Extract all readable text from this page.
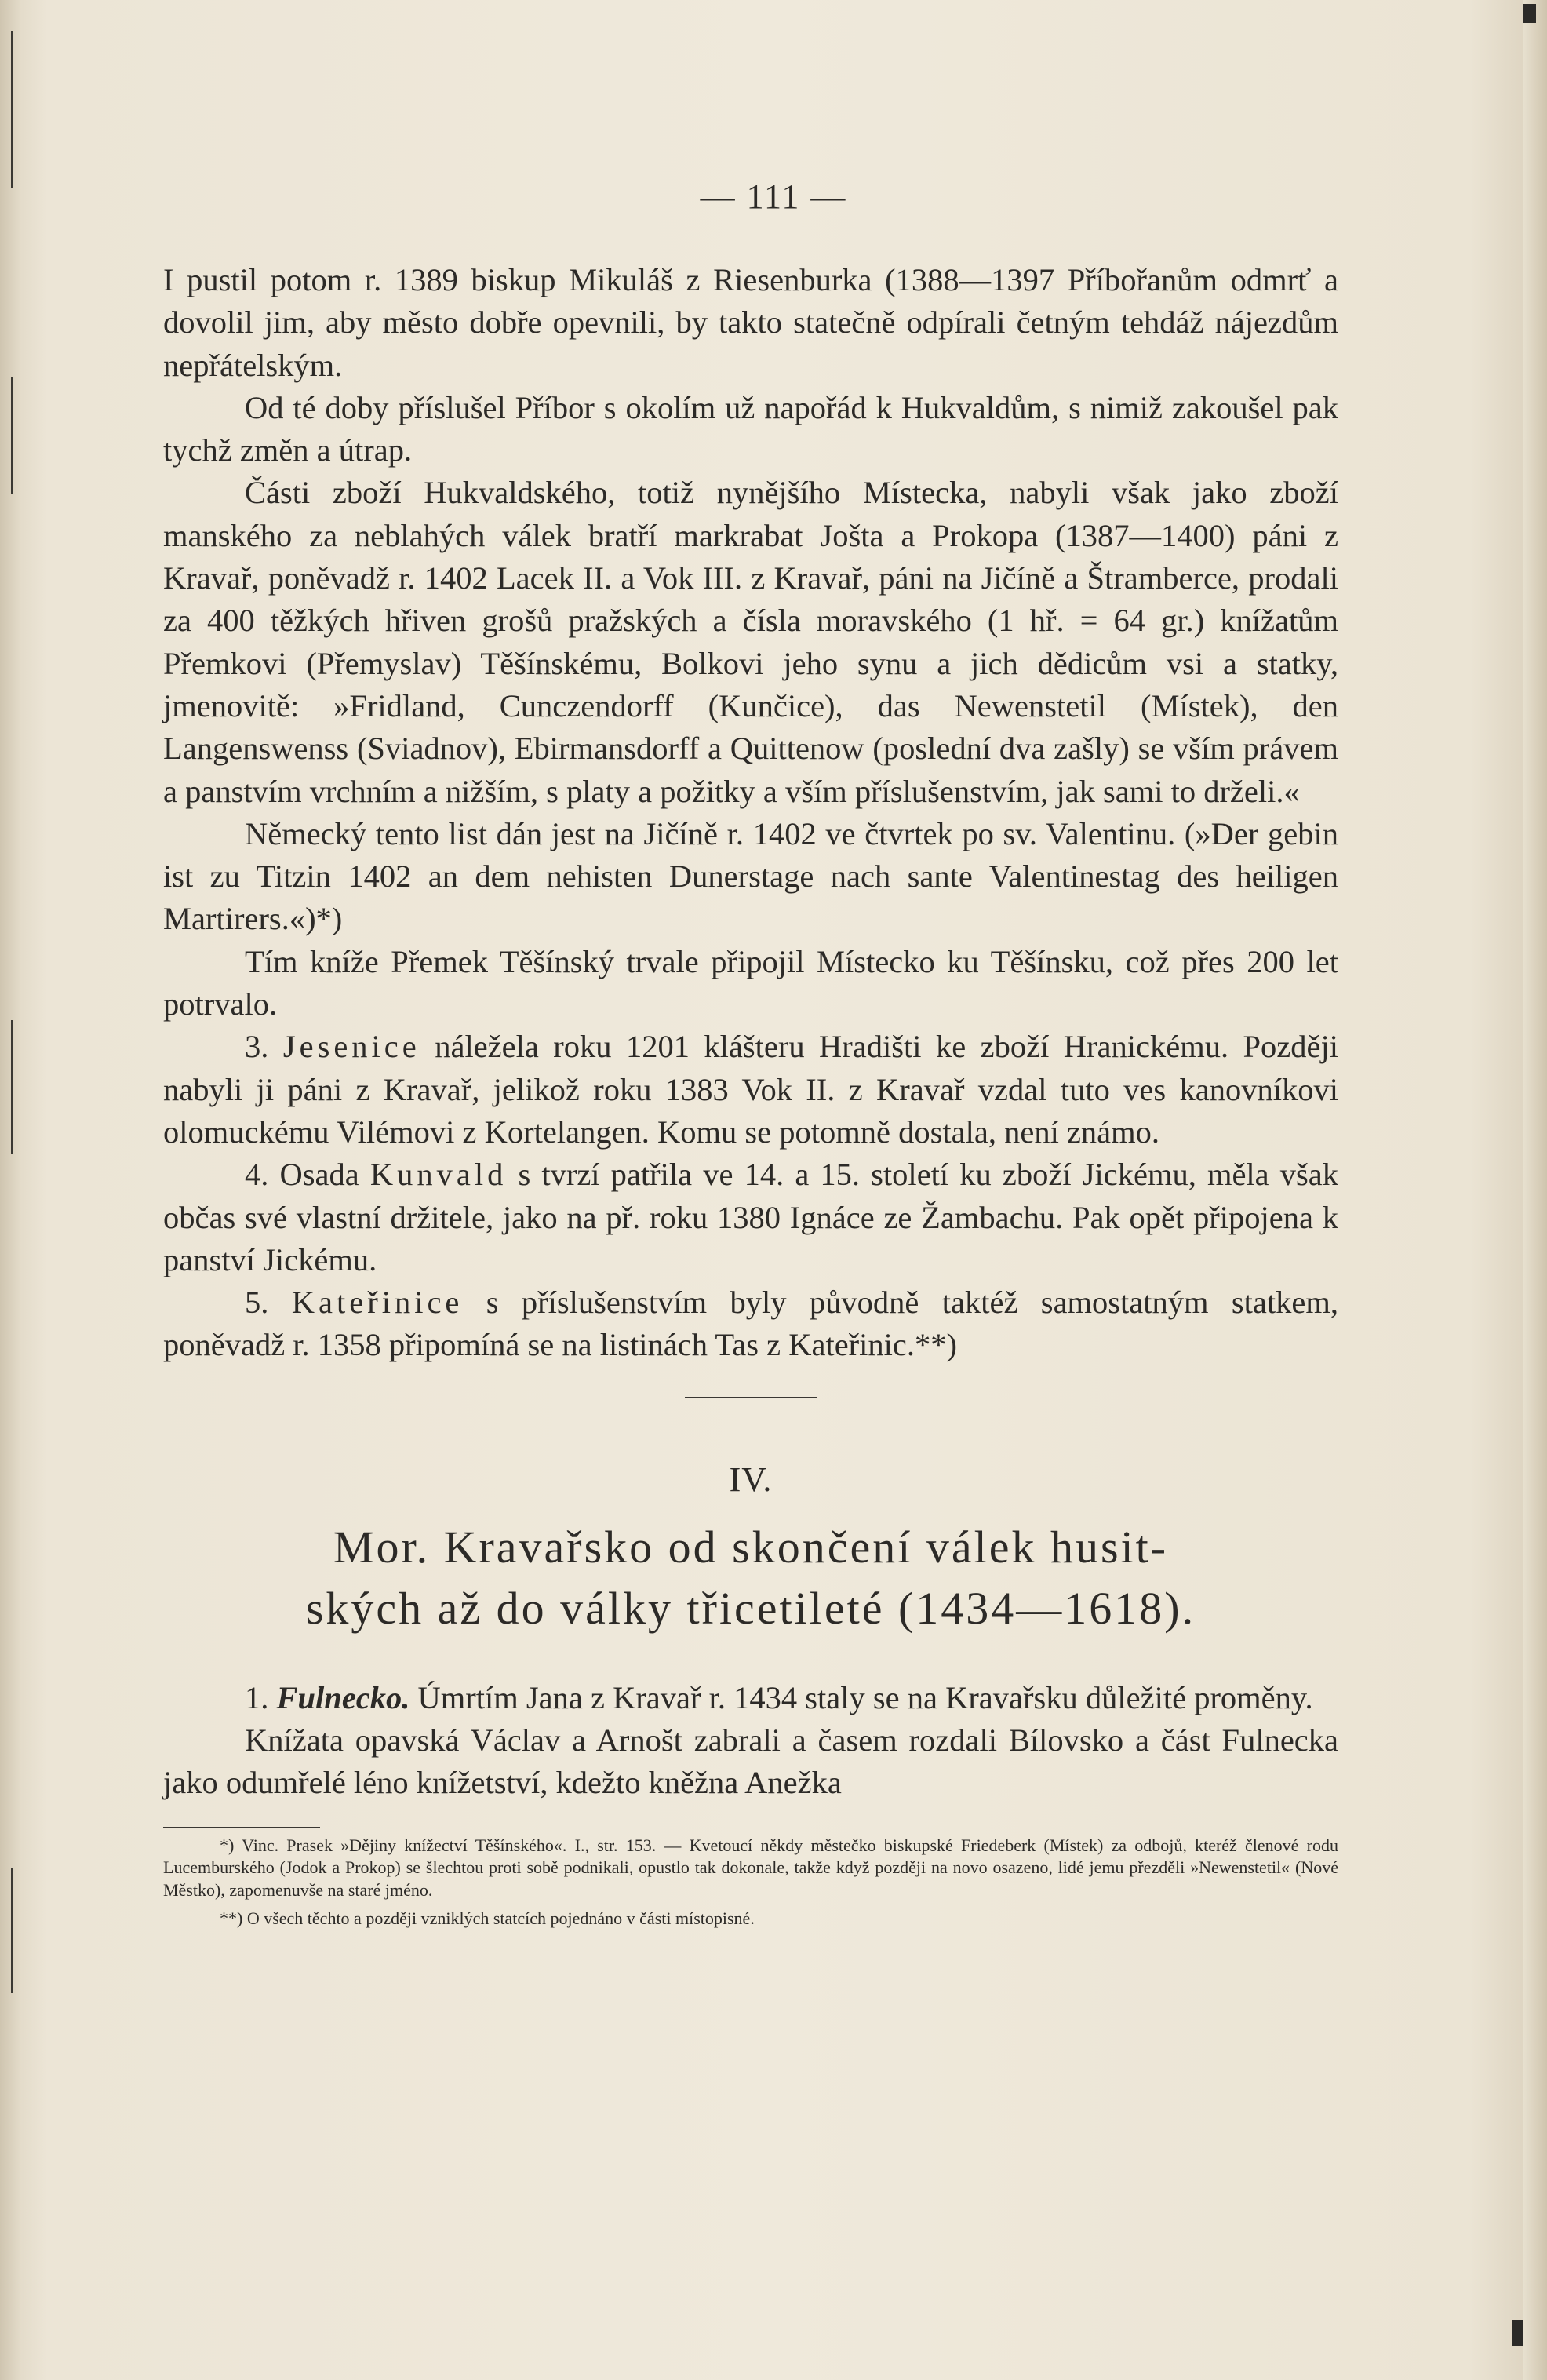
— 111 —

I pustil potom r. 1389 biskup Mikuláš z Riesenburka (1388—1397 Příbořanům odmrť a dovolil jim, aby město dobře opevnili, by takto statečně odpírali četným tehdáž nájezdům nepřátelským.

Od té doby příslušel Příbor s okolím už napořád k Hukvaldům, s nimiž zakoušel pak tychž změn a útrap.

Části zboží Hukvaldského, totiž nynějšího Místecka, nabyli však jako zboží manského za neblahých válek bratří markrabat Jošta a Prokopa (1387—1400) páni z Kravař, poněvadž r. 1402 Lacek II. a Vok III. z Kravař, páni na Jičíně a Štramberce, prodali za 400 těžkých hřiven grošů pražských a čísla moravského (1 hř. = 64 gr.) knížatům Přemkovi (Přemyslav) Těšínskému, Bolkovi jeho synu a jich dědicům vsi a statky, jmenovitě: »Fridland, Cunczendorff (Kunčice), das Newenstetil (Místek), den Langenswenss (Sviadnov), Ebirmansdorff a Quittenow (poslední dva zašly) se vším právem a panstvím vrchním a nižším, s platy a požitky a vším příslušenstvím, jak sami to drželi.«

Německý tento list dán jest na Jičíně r. 1402 ve čtvrtek po sv. Valentinu. (»Der gebin ist zu Titzin 1402 an dem nehisten Dunerstage nach sante Valentinestag des heiligen Martirers.«)*)

Tím kníže Přemek Těšínský trvale připojil Místecko ku Těšínsku, což přes 200 let potrvalo.

3. Jesenice náležela roku 1201 klášteru Hradišti ke zboží Hranickému. Později nabyli ji páni z Kravař, jelikož roku 1383 Vok II. z Kravař vzdal tuto ves kanovníkovi olomuckému Vilémovi z Kortelangen. Komu se potomně dostala, není známo.

4. Osada Kunvald s tvrzí patřila ve 14. a 15. století ku zboží Jickému, měla však občas své vlastní držitele, jako na př. roku 1380 Ignáce ze Žambachu. Pak opět připojena k panství Jickému.

5. Kateřinice s příslušenstvím byly původně taktéž samostatným statkem, poněvadž r. 1358 připomíná se na listinách Tas z Kateřinic.**)

IV.
Mor. Kravařsko od skončení válek husit-
ských až do války třicetileté (1434—1618).

1. Fulnecko. Úmrtím Jana z Kravař r. 1434 staly se na Kravařsku důležité proměny.

Knížata opavská Václav a Arnošt zabrali a časem rozdali Bílovsko a část Fulnecka jako odumřelé léno knížetství, kdežto kněžna Anežka

*) Vinc. Prasek »Dějiny knížectví Těšínského«. I., str. 153. — Kvetoucí někdy městečko biskupské Friedeberk (Místek) za odbojů, kteréž členové rodu Lucemburského (Jodok a Prokop) se šlechtou proti sobě podnikali, opustlo tak dokonale, takže když později na novo osazeno, lidé jemu přezděli »Newenstetil« (Nové Městko), zapomenuvše na staré jméno.

**) O všech těchto a později vzniklých statcích pojednáno v části místopisné.
